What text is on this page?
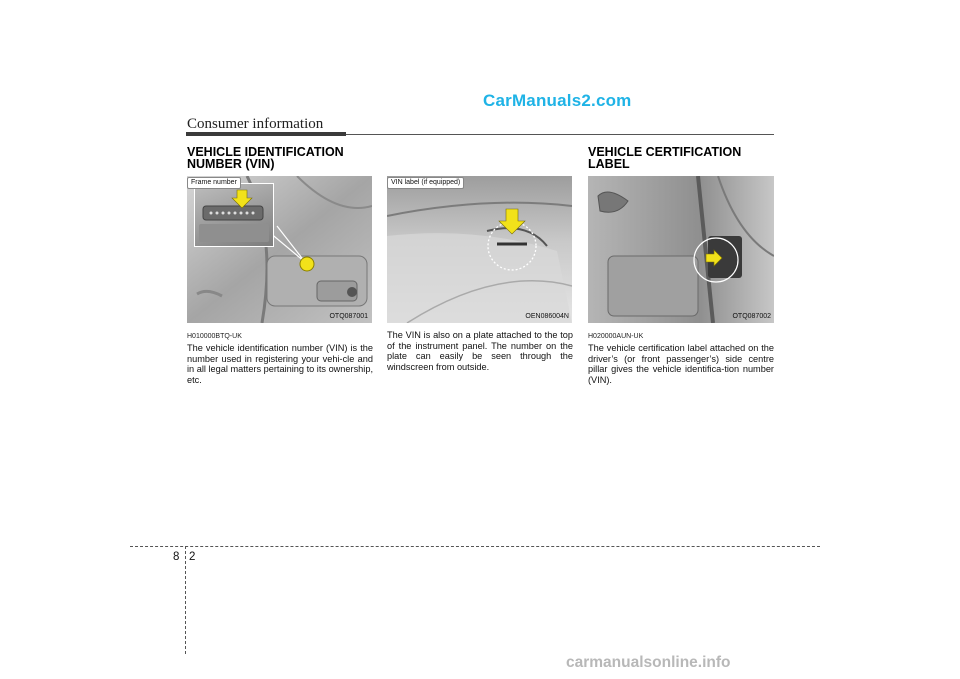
CarManuals2.com
Consumer information
VEHICLE IDENTIFICATION
NUMBER (VIN)
Frame number
OTQ087001
H010000BTQ-UK
The vehicle identification number (VIN) is the number used in registering your vehi-cle and in all legal matters pertaining to its ownership, etc.
VIN label (if equipped)
OEN086004N
The VIN is also on a plate attached to the top of the instrument panel. The number on the plate can easily be seen through the windscreen from outside.
VEHICLE CERTIFICATION
LABEL
OTQ087002
H020000AUN-UK
The vehicle certification label attached on the driver’s (or front passenger’s) side centre pillar gives the vehicle identifica-tion number (VIN).
8 2
carmanualsonline.info
